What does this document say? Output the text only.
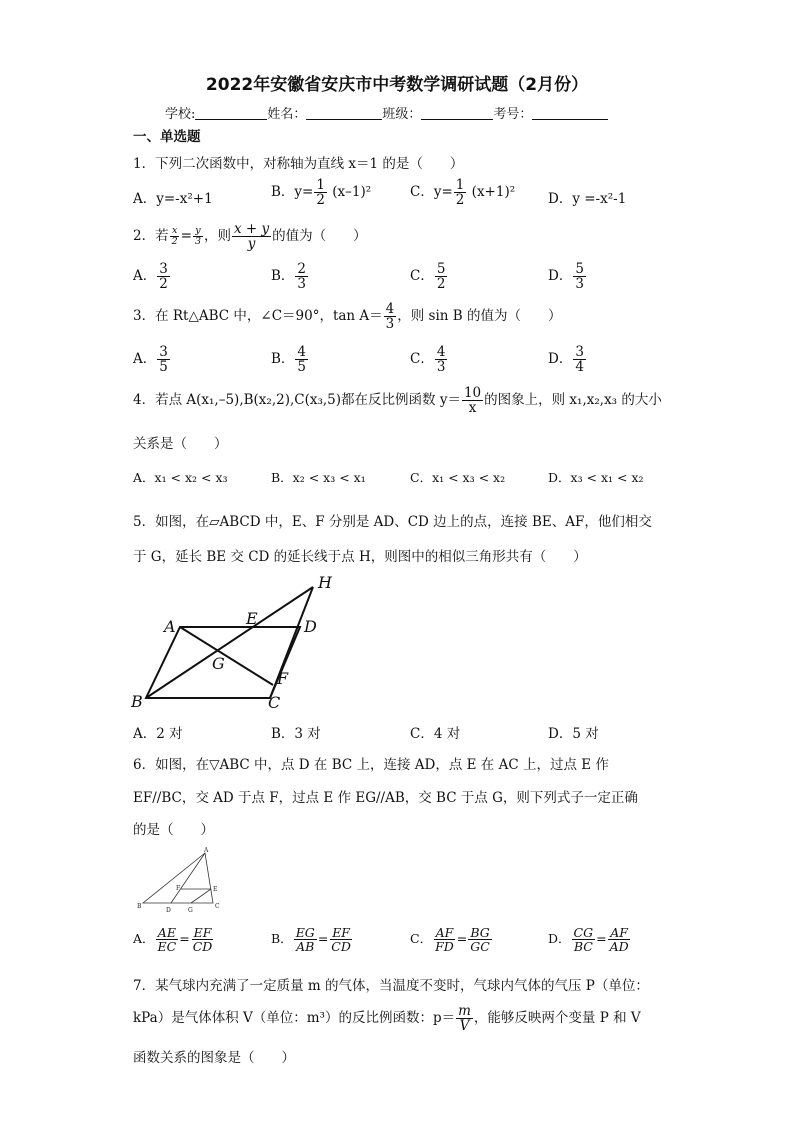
2022年安徽省安庆市中考数学调研试题（2月份）
学校:	姓名：	班级：	考号：
一、单选题
1．下列二次函数中，对称轴为直线 x＝1 的是（　　）
A．y=-x²+1	B．$y= \frac{1}{2} (x-1)^2$	C．$y= \frac{1}{2} (x+1)^2$ D．y =-x²-1
2．若 $\frac{x}{2} = \frac{y}{3}$ ，则 $\frac{x + y}{y}$ 的值为（　　）
A． $\frac{3}{2}$	B． $\frac{2}{3}$	C． $\frac{5}{2}$	D． $\frac{5}{3}$
3．在 Rt△ABC 中，∠C＝90°，$\tan A= \frac{4}{3}$ ，则 sin B 的值为（　　）
A． $\frac{3}{5}$	B． $\frac{4}{5}$	C． $\frac{4}{3}$	D． $\frac{3}{4}$
4．若点 A(x₁,–5),B(x₂,2),C(x₃,5)都在反比例函数 $y= \frac{10}{x}$ 的图象上，则 x₁,x₂,x₃ 的大小
关系是（　　）
A．x₁ < x₂ < x₃	B．x₂ < x₃ < x₁	C．x₁ < x₃ < x₂	D．x₃ < x₁ < x₂
5．如图，在▱ABCD 中，E、F 分别是 AD、CD 边上的点，连接 BE、AF，他们相交
于 G，延长 BE 交 CD 的延长线于点 H，则图中的相似三角形共有（　　）
A
B	C
D
E
F
G
H
A．2 对	B．3 对	C．4 对	D．5 对
6．如图，在▽ABC 中，点 D 在 BC 上，连接 AD，点 E 在 AC 上，过点 E 作
EF//BC，交 AD 于点 F，过点 E 作 EG//AB，交 BC 于点 G，则下列式子一定正确
的是（　　）
A
B	C
D
E
F
G
A． $\frac{AE}{EC} = \frac{EF}{CD}$	B． $\frac{EG}{AB} = \frac{EF}{CD}$	C． $\frac{AF}{FD} = \frac{BG}{GC}$	D． $\frac{CG}{BC} = \frac{AF}{AD}$
7．某气球内充满了一定质量 m 的气体，当温度不变时，气球内气体的气压 P（单位：
kPa）是气体体积 V（单位：m³）的反比例函数：$p= \frac{m}{V}$ ，能够反映两个变量 P 和 V
函数关系的图象是（　　）
